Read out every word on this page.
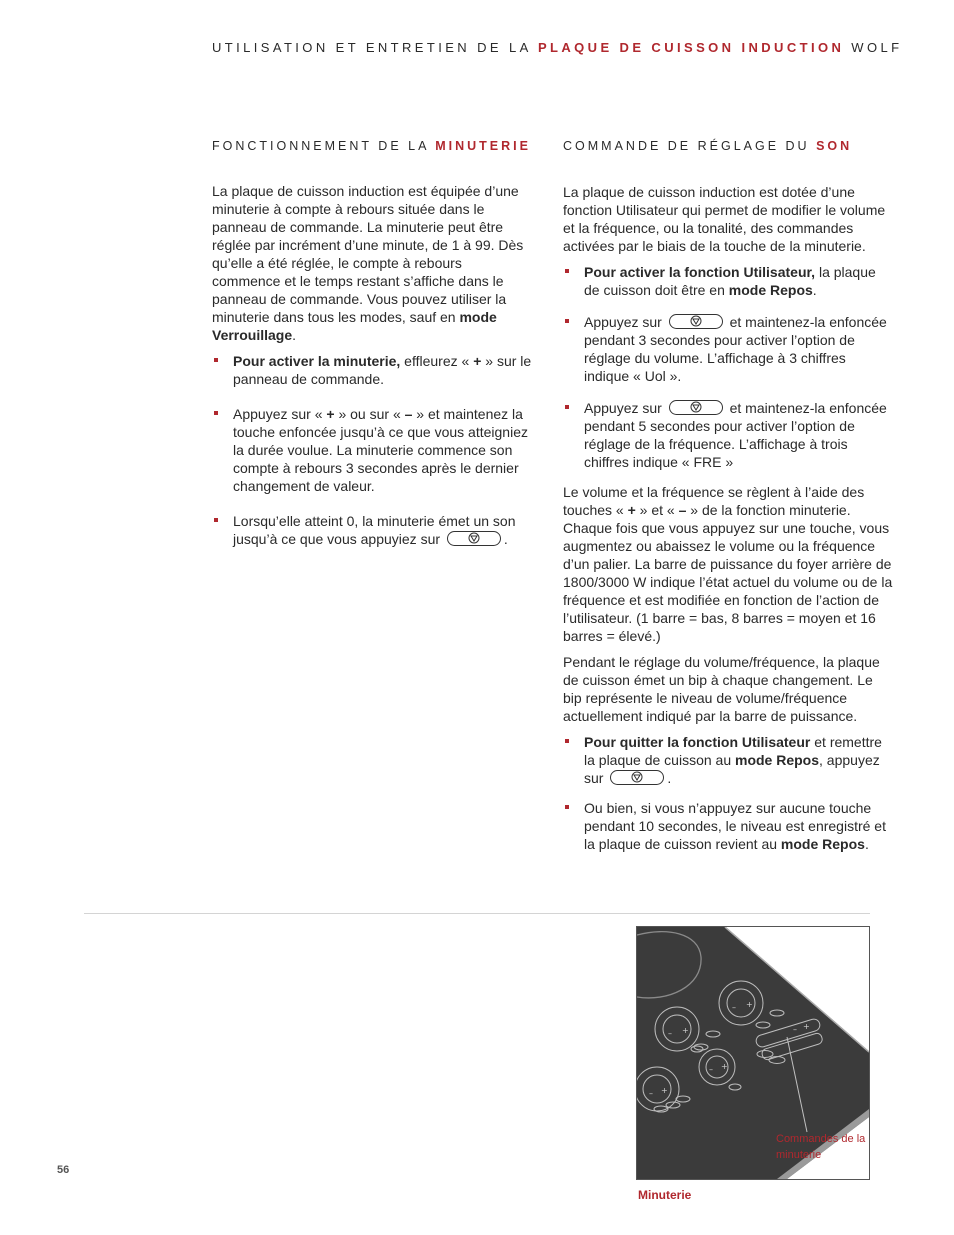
UTILISATION ET ENTRETIEN DE LA PLAQUE DE CUISSON INDUCTION WOLF
FONCTIONNEMENT DE LA MINUTERIE	COMMANDE DE RÉGLAGE DU SON

La plaque de cuisson induction est équipée d’une minuterie à compte à rebours située dans le panneau de commande. La minuterie peut être réglée par incrément d’une minute, de 1 à 99. Dès qu’elle a été réglée, le compte à rebours commence et le temps restant s’affiche dans le panneau de commande. Vous pouvez utiliser la minuterie dans tous les modes, sauf en mode Verrouillage.

Pour activer la minuterie, effleurez « + » sur le panneau de commande.
Appuyez sur « + » ou sur « – » et maintenez la touche enfoncée jusqu’à ce que vous atteigniez la durée voulue. La minuterie commence son compte à rebours 3 secondes après le dernier changement de valeur.
Lorsqu’elle atteint 0, la minuterie émet un son jusqu’à ce que vous appuyiez sur	.

La plaque de cuisson induction est dotée d’une fonction Utilisateur qui permet de modifier le volume et la fréquence, ou la tonalité, des commandes activées par le biais de la touche de la minuterie.

Pour activer la fonction Utilisateur, la plaque de cuisson doit être en mode Repos.
Appuyez sur	et maintenez-la enfoncée pendant 3 secondes pour activer l’option de réglage du volume. L’affichage à 3 chiffres indique « Uol ».
Appuyez sur	et maintenez-la enfoncée pendant 5 secondes pour activer l’option de réglage de la fréquence. L’affichage à trois chiffres indique « FRE »

Le volume et la fréquence se règlent à l’aide des touches « + » et « – » de la fonction minuterie. Chaque fois que vous appuyez sur une touche, vous augmentez ou abaissez le volume ou la fréquence d’un palier. La barre de puissance du foyer arrière de 1800/3000 W indique l’état actuel du volume ou de la fréquence et est modifiée en fonction de l’action de l’utilisateur. (1 barre = bas, 8 barres = moyen et 16 barres = élevé.)

Pendant le réglage du volume/fréquence, la plaque de cuisson émet un bip à chaque changement. Le bip représente le niveau de volume/fréquence actuellement indiqué par la barre de puissance.

Pour quitter la fonction Utilisateur et remettre la plaque de cuisson au mode Repos, appuyez sur	.
Ou bien, si vous n’appuyez sur aucune touche pendant 10 secondes, le niveau est enregistré et la plaque de cuisson revient au mode Repos.
+
–
+
–
+
–
+
–
+
–
Commandes de la minuterie
Minuterie
56
